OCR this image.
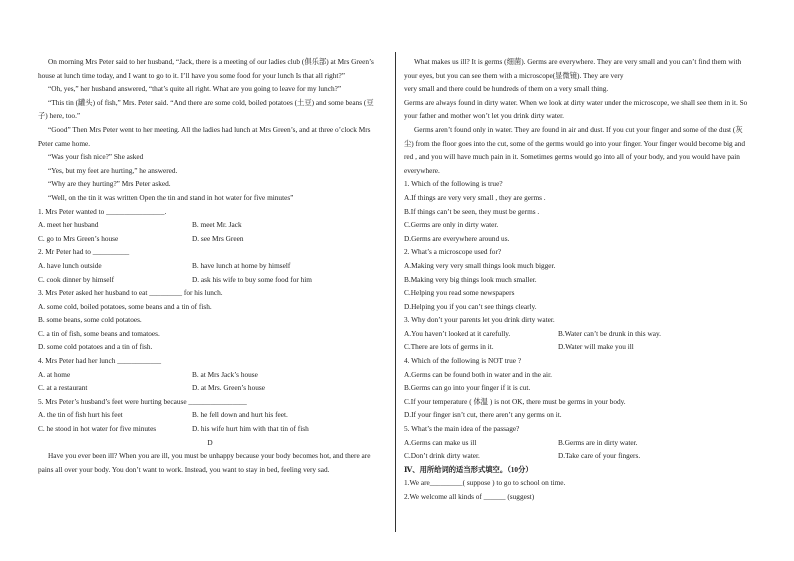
On morning Mrs Peter said to her husband, “Jack, there is a meeting of our ladies club (俱乐部) at Mrs Green’s house at lunch time today, and I want to go to it. I’ll have you some food for your lunch Is that all right?”

“Oh, yes,” her husband answered, “that’s quite all right. What are you going to leave for my lunch?”

“This tin (罐头) of fish,” Mrs. Peter said. “And there are some cold, boiled potatoes (土豆) and some beans (豆子) here, too.”

“Good” Then Mrs Peter went to her meeting. All the ladies had lunch at Mrs Green’s, and at three o’clock Mrs Peter came home.

“Was your fish nice?” She asked

“Yes, but my feet are hurting,” he answered.

“Why are they hurting?” Mrs Peter asked.

“Well, on the tin it was written Open the tin and stand in hot water for five minutes”

1. Mrs Peter wanted to ________________.

A. meet her husband	B. meet Mr. Jack
C. go to Mrs Green’s house	D. see Mrs Green

2. Mr Peter had to __________

A. have lunch outside	B. have lunch at home by himself
C. cook dinner by himself	D. ask his wife to buy some food for him

3. Mrs Peter asked her husband to eat _________ for his lunch.

A. some cold, boiled potatoes, some beans and a tin of fish.

B. some beans, some cold potatoes.

C. a tin of fish, some beans and tomatoes.

D. some cold potatoes and a tin of fish.

4. Mrs Peter had her lunch ____________

A. at home	B. at Mrs Jack’s house
C. at a restaurant	D. at Mrs. Green’s house

5. Mrs Peter’s husband’s feet were hurting because ________________

A. the tin of fish hurt his feet	B. he fell down and hurt his feet.
C. he stood in hot water for five minutes	D. his wife hurt him with that tin of fish

D

Have you ever been ill? When you are ill, you must be unhappy because your body becomes hot, and there are pains all over your body. You don’t want to work. Instead, you want to stay in bed, feeling very sad.

What makes us ill? It is germs (细菌). Germs are everywhere. They are very small and you can’t find them with your eyes, but you can see them with a microscope(显微镜). They are very

very small and there could be hundreds of them on a very small thing.

Germs are always found in dirty water. When we look at dirty water under the microscope, we shall see them in it. So your father and mother won’t let you drink dirty water.

Germs aren’t found only in water. They are found in air and dust. If you cut your finger and some of the dust (灰尘) from the floor goes into the cut, some of the germs would go into your finger. Your finger would become big and red , and you will have much pain in it. Sometimes germs would go into all of your body, and you would have pain everywhere.

1. Which of the following is true?

A.If things are very very small , they are germs .

B.If things can’t be seen, they must be germs .

C.Germs are only in dirty water.

D.Germs are everywhere around us.

2. What’s a microscope used for?

A.Making very very small things look much bigger.

B.Making very big things look much smaller.

C.Helping you read some newspapers

D.Helping you if you can’t see things clearly.

3. Why don’t your parents let you drink dirty water.

A.You haven’t looked at it carefully.	B.Water can’t be drunk in this way.
C.There are lots of germs in it.	D.Water will make you ill

4. Which of the following is NOT true ?

A.Germs can be found both in water and in the air.

B.Germs can go into your finger if it is cut.

C.If your temperature ( 体温 ) is not OK, there must be germs in your body.

D.If your finger isn’t cut, there aren’t any germs on it.

5. What’s the main idea of the passage?

A.Germs can make us ill	B.Germs are in dirty water.
C.Don’t drink dirty water.	D.Take care of your fingers.

Ⅳ、用所给词的适当形式填空。（10分）

1.We are_________( suppose ) to go to school on time.

2.We welcome all kinds of ______ (suggest)
